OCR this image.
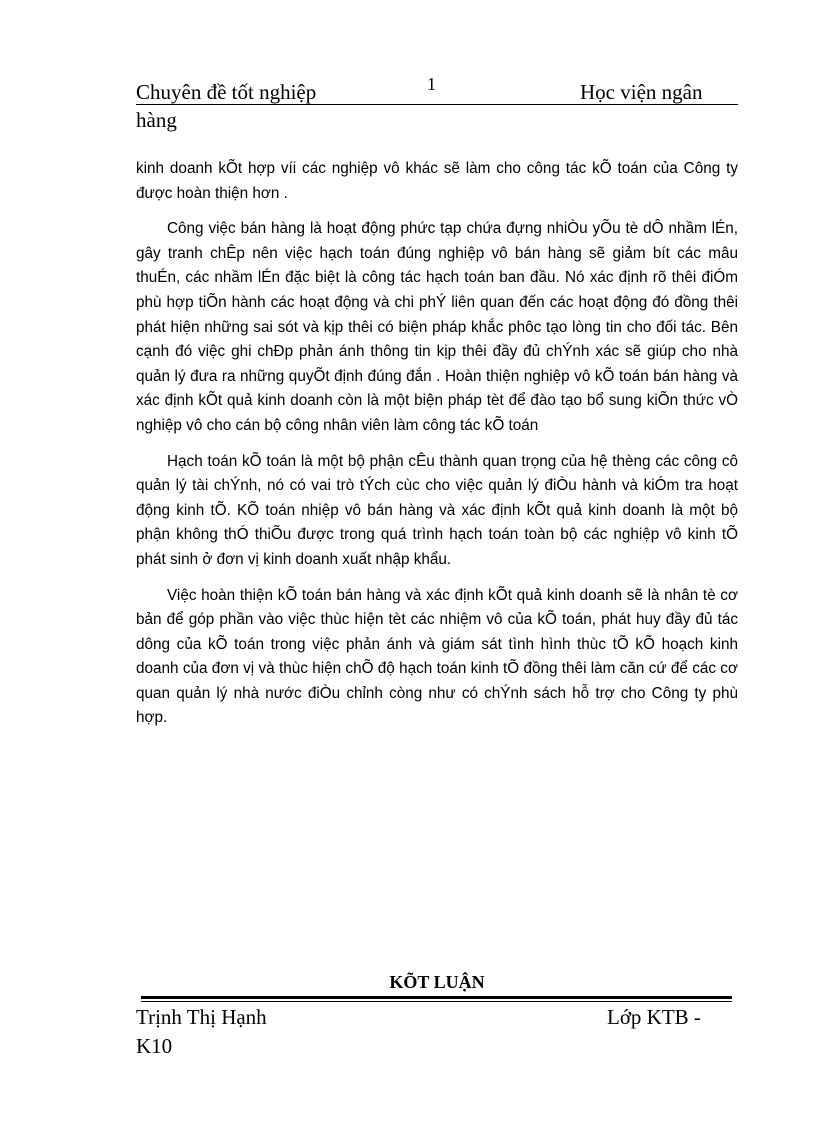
1
Chuyên đề tốt nghiệp	Học viện ngân
hàng

kinh doanh kÕt hợp víi các nghiệp vô khác sẽ làm cho công tác kÕ toán của Công ty được hoàn thiện hơn .

Công việc bán hàng là hoạt động phức tạp chứa đựng nhiÒu yÕu tè dÔ nhầm lÉn, gây tranh chÊp nên việc hạch toán đúng nghiệp vô bán hàng sẽ giảm bít các mâu thuÉn, các nhầm lÉn đặc biệt là công tác hạch toán ban đầu. Nó xác định rõ thêi điÓm phù hợp tiÕn hành các hoạt động và chi phÝ liên quan đến các hoạt động đó đồng thêi phát hiện những sai sót và kịp thêi có biện pháp khắc phôc tạo lòng tin cho đối tác. Bên cạnh đó việc ghi chÐp phản ánh thông tin kịp thêi đầy đủ chÝnh xác sẽ giúp cho nhà quản lý đưa ra những quyÕt định đúng đắn . Hoàn thiện nghiệp vô kÕ toán bán hàng và xác định kÕt quả kinh doanh còn là một biện pháp tèt để đào tạo bổ sung kiÕn thức vÒ nghiệp vô cho cán bộ công nhân viên làm công tác kÕ toán

Hạch toán kÕ toán là một bộ phận cÊu thành quan trọng của hệ thèng các công cô quản lý tài chÝnh, nó có vai trò tÝch cùc cho việc quản lý điÒu hành và kiÓm tra hoạt động kinh tÕ. KÕ toán nhiệp vô bán hàng và xác định kÕt quả kinh doanh là một bộ phận không thÓ thiÕu được trong quá trình hạch toán toàn bộ các nghiệp vô kinh tÕ phát sinh ở đơn vị kinh doanh xuất nhập khẩu.

Việc hoàn thiện kÕ toán bán hàng và xác định kÕt quả kinh doanh sẽ là nhân tè cơ bản để góp phần vào việc thùc hiện tèt các nhiệm vô của kÕ toán, phát huy đầy đủ tác dông của kÕ toán trong việc phản ánh và giám sát tình hình thùc tÕ kÕ hoạch kinh doanh của đơn vị và thùc hiện chÕ độ hạch toán kinh tÕ đồng thêi làm căn cứ để các cơ quan quản lý nhà nước điÒu chỉnh còng như có chÝnh sách hỗ trợ cho Công ty phù hợp.

KÕT LUẬN
Trịnh Thị Hạnh	Lớp KTB -
K10
